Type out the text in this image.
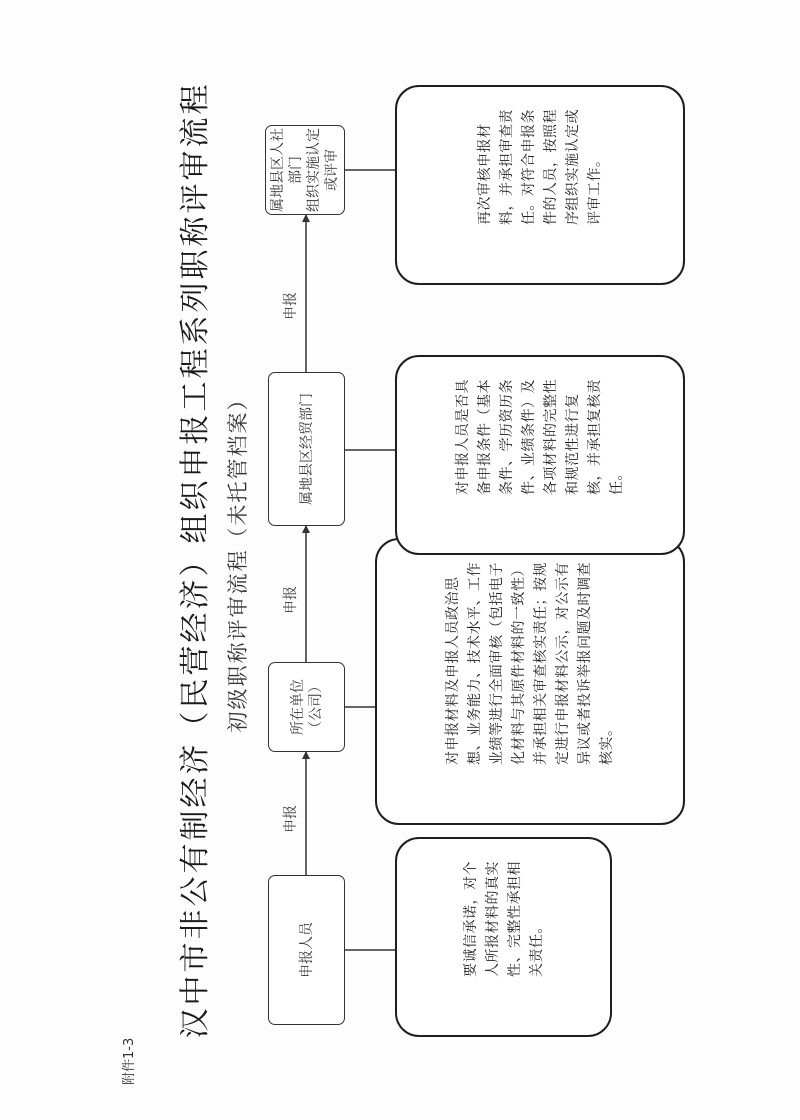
附件1-3
汉中市非公有制经济（民营经济）组织申报工程系列职称评审流程 初级职称评审流程（未托管档案）
申报
申报
申报
申报人员
所在单位
（公司）
属地县区经贸部门
属地县区人社部门
组织实施认定
或评审
要诚信承诺，对个人所报材料的真实性、完整性承担相关责任。
对申报材料及申报人员政治思想、业务能力、技术水平、工作业绩等进行全面审核（包括电子化材料与其原件材料的一致性）并承担相关审查核实责任；按规定进行申报材料公示，对公示有异议或者投诉举报问题及时调查核实。
对申报人员是否具备申报条件（基本条件、学历资历条件、业绩条件）及各项材料的完整性和规范性进行复核，并承担复核责任。
再次审核申报材料，并承担审查责任。对符合申报条件的人员，按照程序组织实施认定或评审工作。
